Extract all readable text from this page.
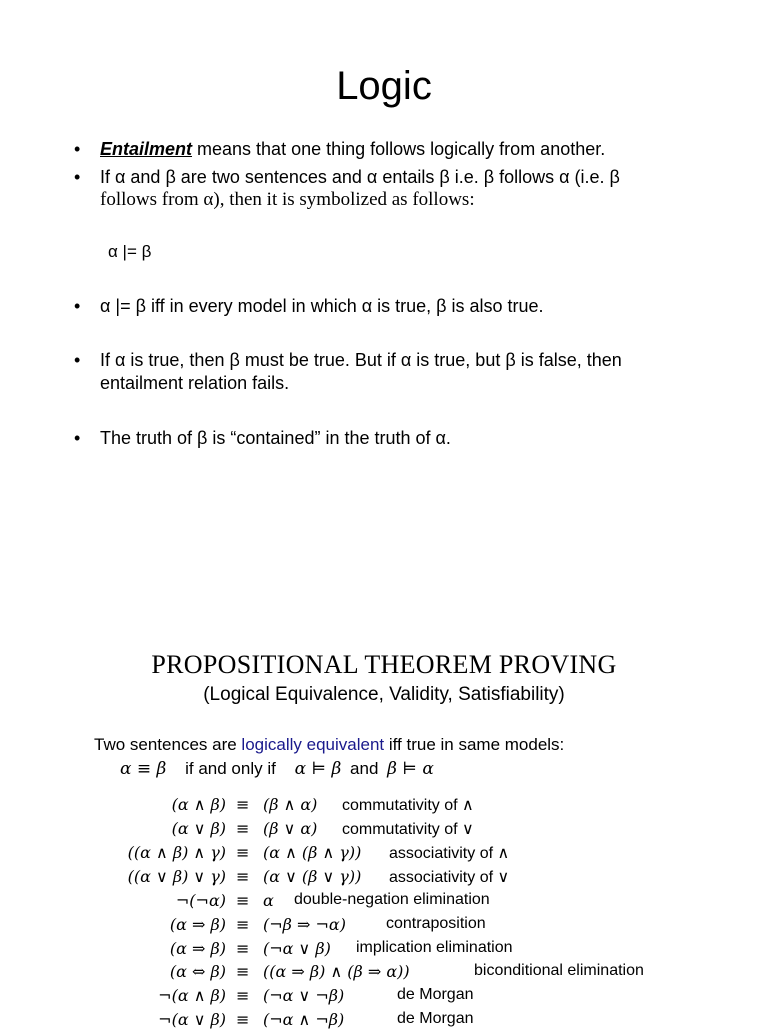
Logic
•	Entailment means that one thing follows logically from another.
•	If α and β are two sentences and α entails β i.e. β follows α (i.e. β
follows from α), then it is symbolized as follows:
α |= β
•	α |= β iff in every model in which α is true, β is also true.
•	If α is true, then β must be true. But if α is true, but β is false, then
entailment relation fails.
•	The truth of β is “contained” in the truth of α.
PROPOSITIONAL THEOREM PROVING
(Logical Equivalence, Validity, Satisfiability)
Two sentences are logically equivalent iff true in same models:
α ≡ β if and only if α ⊨ β and β ⊨ α
(α ∧ β) ≡ (β ∧ α) commutativity of ∧
(α ∨ β) ≡ (β ∨ α) commutativity of ∨
((α ∧ β) ∧ γ) ≡ (α ∧ (β ∧ γ)) associativity of ∧
((α ∨ β) ∨ γ) ≡ (α ∨ (β ∨ γ)) associativity of ∨
¬(¬α) ≡ α double-negation elimination
(α ⇒ β) ≡ (¬β ⇒ ¬α)	contraposition
(α ⇒ β) ≡ (¬α ∨ β) implication elimination
(α ⇔ β) ≡ ((α ⇒ β) ∧ (β ⇒ α))	biconditional elimination
¬(α ∧ β) ≡ (¬α ∨ ¬β)	de Morgan
¬(α ∨ β) ≡ (¬α ∧ ¬β)	de Morgan
